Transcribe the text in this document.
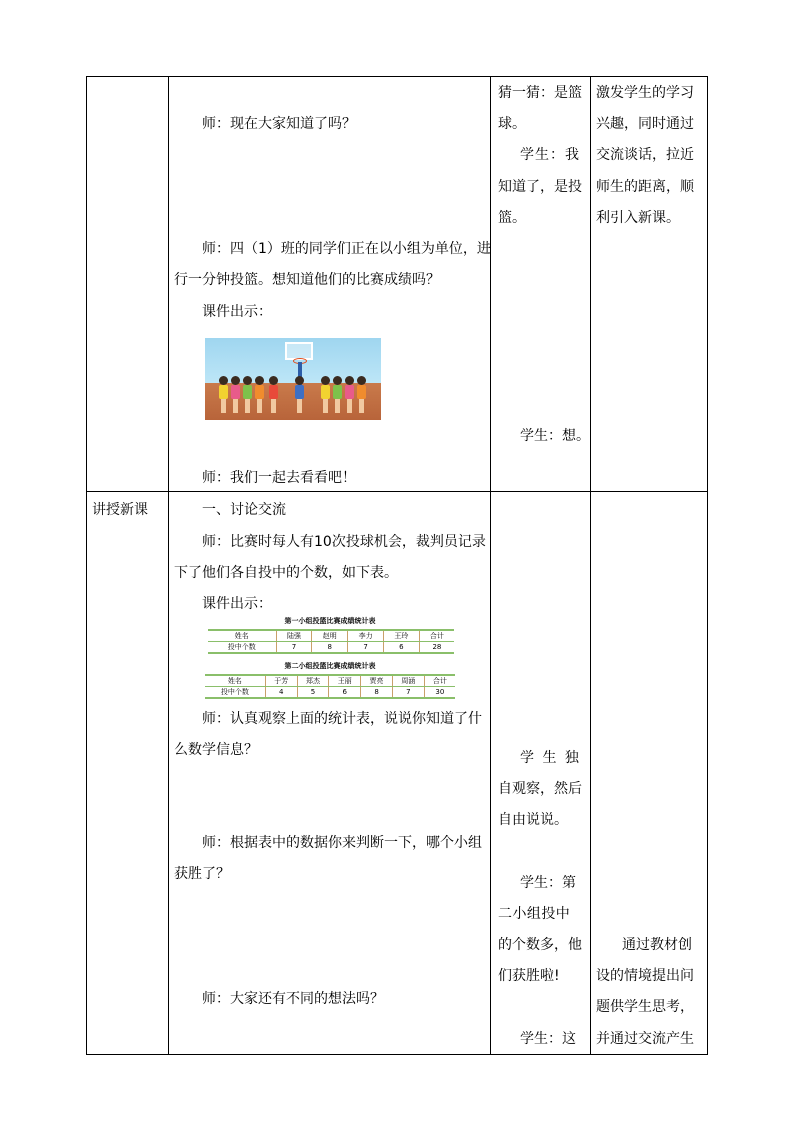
师：现在大家知道了吗？
师：四（1）班的同学们正在以小组为单位，进
行一分钟投篮。想知道他们的比赛成绩吗？
课件出示：
师：我们一起去看看吧！
猜一猜：是篮
球。
学生：我
知道了，是投
篮。
学生：想。
激发学生的学习
兴趣，同时通过
交流谈话，拉近
师生的距离，顺
利引入新课。
讲授新课	一、讨论交流
师：比赛时每人有10次投球机会，裁判员记录
下了他们各自投中的个数，如下表。
课件出示：
第一小组投篮比赛成绩统计表
姓名	陆强	赵明	李力	王玲	合计
投中个数	7	8	7	6	28
第二小组投篮比赛成绩统计表
姓名	于芳	郑杰	王丽	贾亮	周涵	合计
投中个数	4	5	6	8	7	30
师：认真观察上面的统计表，说说你知道了什
么数学信息？
师：根据表中的数据你来判断一下，哪个小组
获胜了？
师：大家还有不同的想法吗？
学 生 独
自观察，然后
自由说说。
学生：第
二 小 组 投 中
的个数多，他
们获胜啦!
学生：这
通过教材创
设的情境提出问
题供学生思考，
并通过交流产生
